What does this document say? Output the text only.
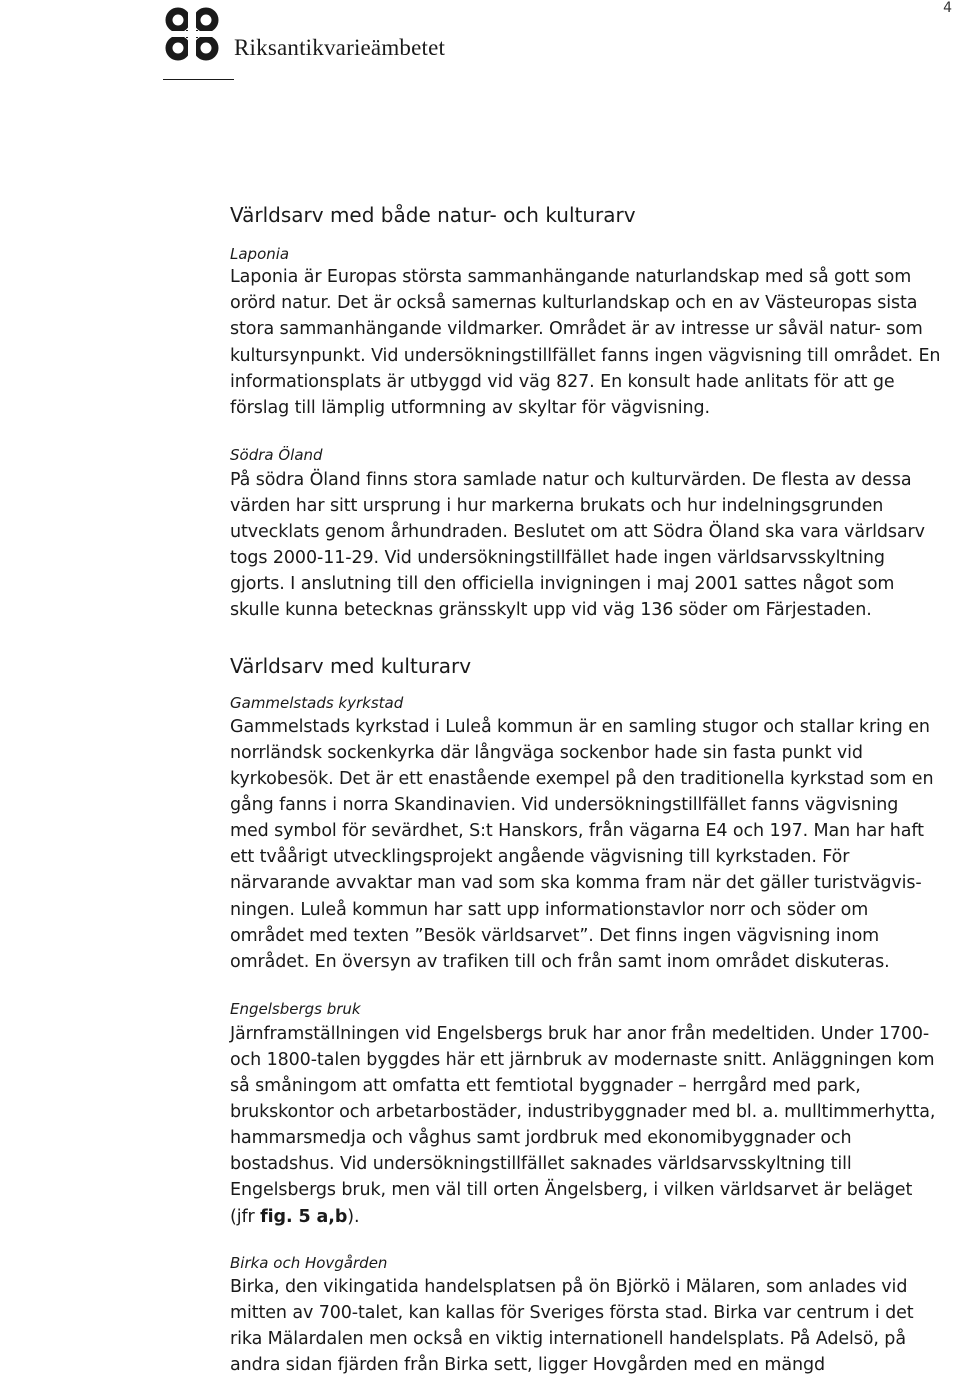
4
Riksantikvarieämbetet
Världsarv med både natur- och kulturarv
Laponia
Laponia är Europas största sammanhängande naturlandskap med så gott som
orörd natur. Det är också samernas kulturlandskap och en av Västeuropas sista
stora sammanhängande vildmarker. Området är av intresse ur såväl natur- som
kultursynpunkt. Vid undersökningstillfället fanns ingen vägvisning till området. En
informationsplats är utbyggd vid väg 827. En konsult hade anlitats för att ge
förslag till lämplig utformning av skyltar för vägvisning.
Södra Öland
På södra Öland finns stora samlade natur och kulturvärden. De flesta av dessa
värden har sitt ursprung i hur markerna brukats och hur indelningsgrunden
utvecklats genom århundraden. Beslutet om att Södra Öland ska vara världsarv
togs 2000-11-29. Vid undersökningstillfället hade ingen världsarvsskyltning
gjorts. I anslutning till den officiella invigningen i maj 2001 sattes något som
skulle kunna betecknas gränsskylt upp vid väg 136 söder om Färjestaden.
Världsarv med kulturarv
Gammelstads kyrkstad
Gammelstads kyrkstad i Luleå kommun är en samling stugor och stallar kring en
norrländsk sockenkyrka där långväga sockenbor hade sin fasta punkt vid
kyrkobesök. Det är ett enastående exempel på den traditionella kyrkstad som en
gång fanns i norra Skandinavien. Vid undersökningstillfället fanns vägvisning
med symbol för sevärdhet, S:t Hanskors, från vägarna E4 och 197. Man har haft
ett tvåårigt utvecklingsprojekt angående vägvisning till kyrkstaden. För
närvarande avvaktar man vad som ska komma fram när det gäller turistvägvis-
ningen. Luleå kommun har satt upp informationstavlor norr och söder om
området med texten ”Besök världsarvet”. Det finns ingen vägvisning inom
området. En översyn av trafiken till och från samt inom området diskuteras.
Engelsbergs bruk
Järnframställningen vid Engelsbergs bruk har anor från medeltiden. Under 1700-
och 1800-talen byggdes här ett järnbruk av modernaste snitt. Anläggningen kom
så småningom att omfatta ett femtiotal byggnader – herrgård med park,
brukskontor och arbetarbostäder, industribyggnader med bl. a. mulltimmerhytta,
hammarsmedja och våghus samt jordbruk med ekonomibyggnader och
bostadshus. Vid undersökningstillfället saknades världsarvsskyltning till
Engelsbergs bruk, men väl till orten Ängelsberg, i vilken världsarvet är beläget
(jfr fig. 5 a,b).
Birka och Hovgården
Birka, den vikingatida handelsplatsen på ön Björkö i Mälaren, som anlades vid
mitten av 700-talet, kan kallas för Sveriges första stad. Birka var centrum i det
rika Mälardalen men också en viktig internationell handelsplats. På Adelsö, på
andra sidan fjärden från Birka sett, ligger Hovgården med en mängd
